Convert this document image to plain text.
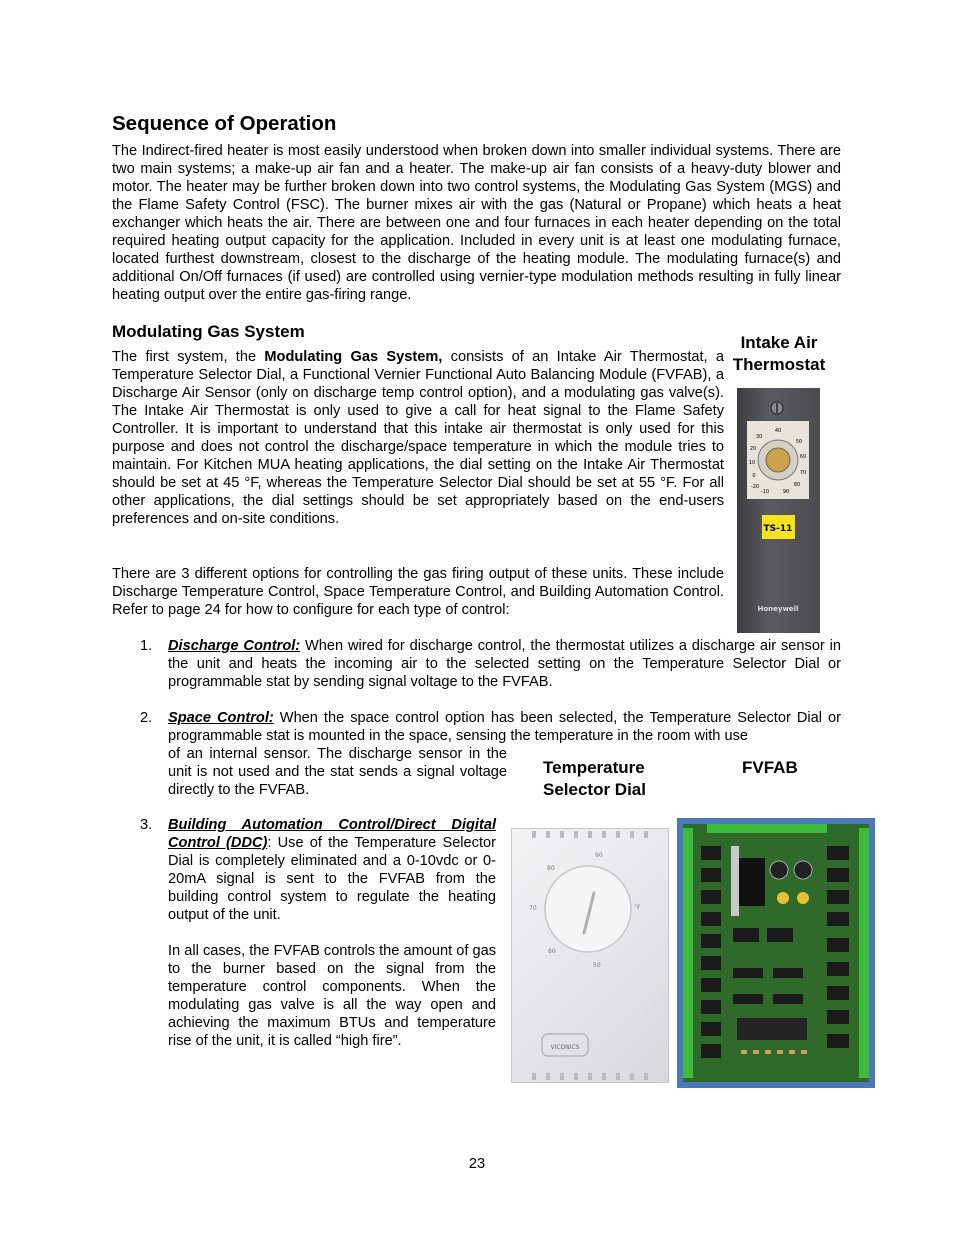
Sequence of Operation

The Indirect-fired heater is most easily understood when broken down into smaller individual systems. There are two main systems; a make-up air fan and a heater. The make-up air fan consists of a heavy-duty blower and motor. The heater may be further broken down into two control systems, the Modulating Gas System (MGS) and the Flame Safety Control (FSC). The burner mixes air with the gas (Natural or Propane) which heats a heat exchanger which heats the air. There are between one and four furnaces in each heater depending on the total required heating output capacity for the application. Included in every unit is at least one modulating furnace, located furthest downstream, closest to the discharge of the heating module. The modulating furnace(s) and additional On/Off furnaces (if used) are controlled using vernier-type modulation methods resulting in fully linear heating output over the entire gas-firing range.

Modulating Gas System

The first system, the Modulating Gas System, consists of an Intake Air Thermostat, a Temperature Selector Dial, a Functional Vernier Functional Auto Balancing Module (FVFAB), a Discharge Air Sensor (only on discharge temp control option), and a modulating gas valve(s). The Intake Air Thermostat is only used to give a call for heat signal to the Flame Safety Controller. It is important to understand that this intake air thermostat is only used for this purpose and does not control the discharge/space temperature in which the module tries to maintain. For Kitchen MUA heating applications, the dial setting on the Intake Air Thermostat should be set at 45 °F, whereas the Temperature Selector Dial should be set at 55 °F. For all other applications, the dial settings should be set appropriately based on the end-users preferences and on-site conditions.

There are 3 different options for controlling the gas firing output of these units. These include Discharge Temperature Control, Space Temperature Control, and Building Automation Control. Refer to page 24 for how to configure for each type of control:

Intake Air
Thermostat
40
50
60
70
80
90
30
20
10
-20
-10
0
TS-11
Honeywell
1. Discharge Control: When wired for discharge control, the thermostat utilizes a discharge air sensor in the unit and heats the incoming air to the selected setting on the Temperature Selector Dial or programmable stat by sending signal voltage to the FVFAB.

2. Space Control: When the space control option has been selected, the Temperature Selector Dial or programmable stat is mounted in the space, sensing the temperature in the room with use

of an internal sensor. The discharge sensor in the unit is not used and the stat sends a signal voltage directly to the FVFAB.

3. Building Automation Control/Direct Digital Control (DDC): Use of the Temperature Selector Dial is completely eliminated and a 0-10vdc or 0-20mA signal is sent to the FVFAB from the building control system to regulate the heating output of the unit.

In all cases, the FVFAB controls the amount of gas to the burner based on the signal from the temperature control components. When the modulating gas valve is all the way open and achieving the maximum BTUs and temperature rise of the unit, it is called “high fire”.

Temperature
Selector Dial
FVFAB
90
80
70
60
50
°F
VICONICS
23
